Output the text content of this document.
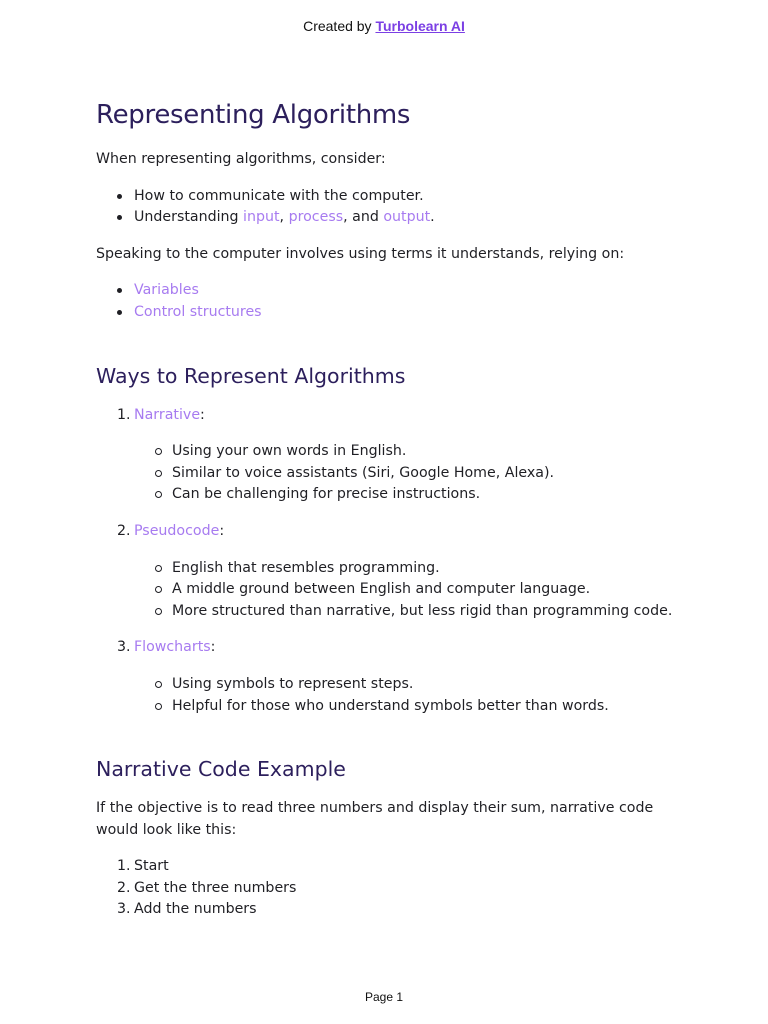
Created by Turbolearn AI
Representing Algorithms

When representing algorithms, consider:

How to communicate with the computer.
Understanding input, process, and output.

Speaking to the computer involves using terms it understands, relying on:

Variables
Control structures
Ways to Represent Algorithms
1. Narrative:
Using your own words in English.
Similar to voice assistants (Siri, Google Home, Alexa).
Can be challenging for precise instructions.
2. Pseudocode:
English that resembles programming.
A middle ground between English and computer language.
More structured than narrative, but less rigid than programming code.
3. Flowcharts:
Using symbols to represent steps.
Helpful for those who understand symbols better than words.
Narrative Code Example

If the objective is to read three numbers and display their sum, narrative code would look like this:

1. Start
2. Get the three numbers
3. Add the numbers
Page 1
